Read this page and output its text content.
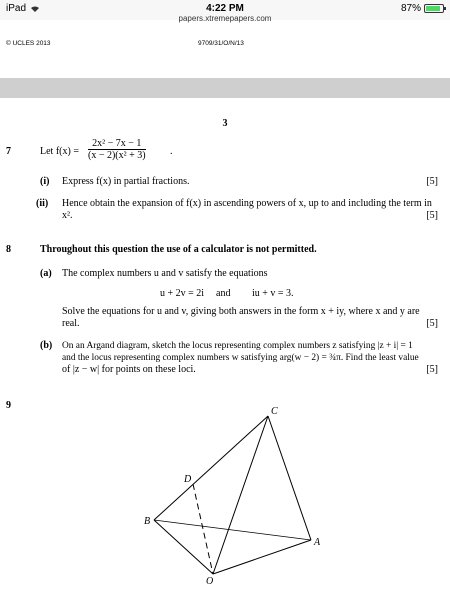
iPad	4:22 PM	87%
papers.xtremepapers.com
© UCLES 2013	9709/31/O/N/13
3
7	Let $f(x) = \frac{\text{2x² − 7x − 1}}{\text{(x − 2)(x² + 3)}}$ .
(i) Express f(x) in partial fractions.	[5]
(ii) Hence obtain the expansion of f(x) in ascending powers of x, up to and including the term in x².	[5]
8	Throughout this question the use of a calculator is not permitted.
(a) The complex numbers u and v satisfy the equations
u + 2v = 2i and iu + v = 3.
Solve the equations for u and v, giving both answers in the form x + iy, where x and y are real.	[5]
(b) On an Argand diagram, sketch the locus representing complex numbers z satisfying |z + i| = 1
and the locus representing complex numbers w satisfying arg(w − 2) = ¾π. Find the least value
of |z − w| for points on these loci.	[5]
9
C
D
B
A
O
